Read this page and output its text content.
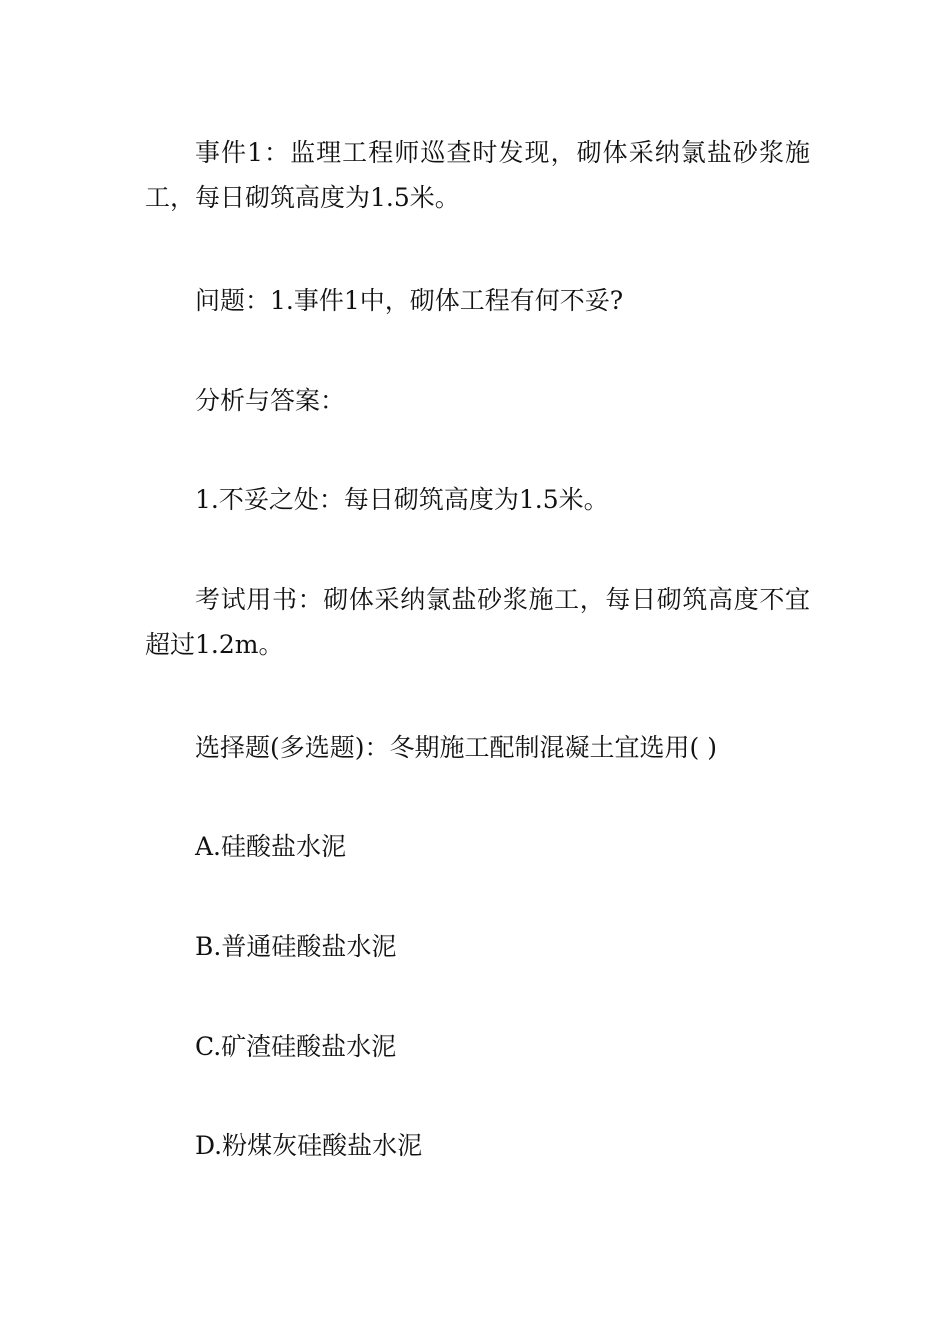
事件1：监理工程师巡查时发现，砌体采纳氯盐砂浆施工，每日砌筑高度为1.5米。

问题：1.事件1中，砌体工程有何不妥?

分析与答案：

1.不妥之处：每日砌筑高度为1.5米。

考试用书：砌体采纳氯盐砂浆施工，每日砌筑高度不宜超过1.2m。

选择题(多选题)：冬期施工配制混凝土宜选用( )

A.硅酸盐水泥

B.普通硅酸盐水泥

C.矿渣硅酸盐水泥

D.粉煤灰硅酸盐水泥
